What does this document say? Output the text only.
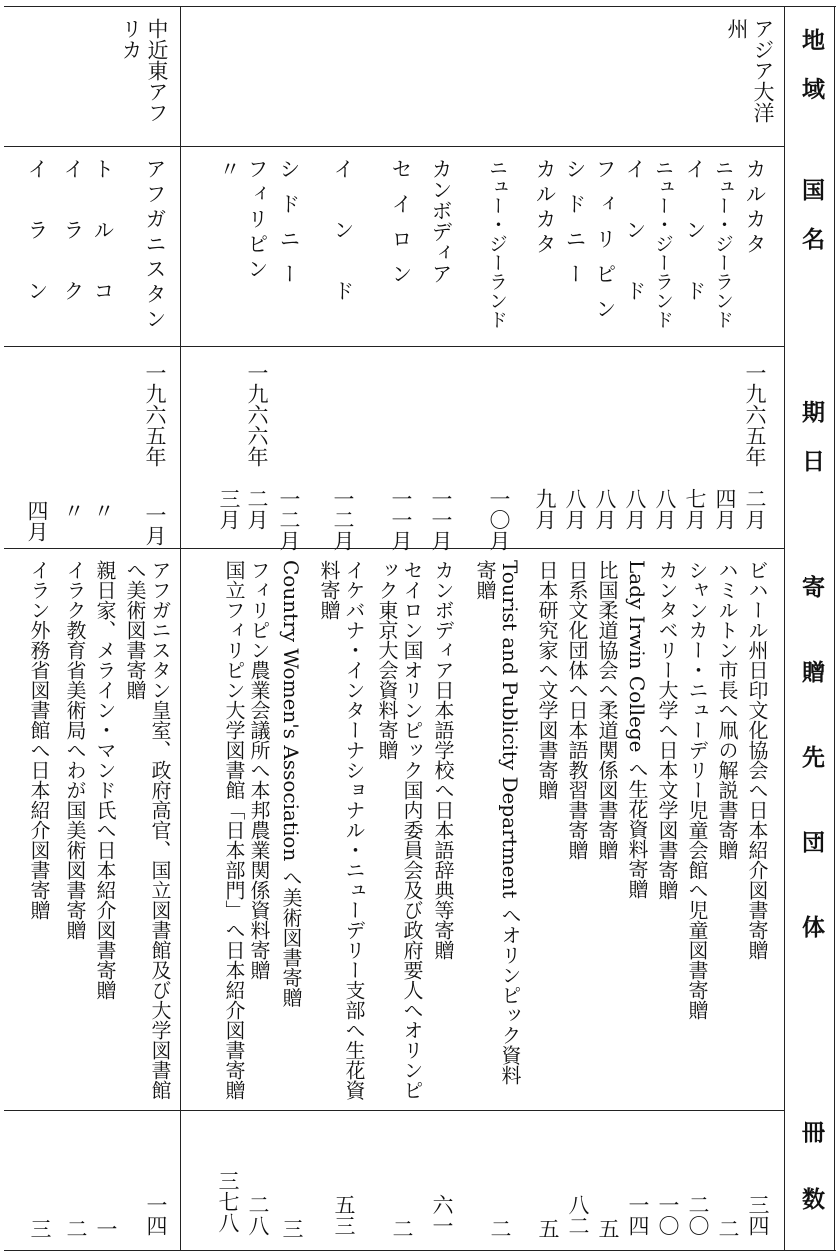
地域
国名
期日
寄贈先団体
冊数
アジア大洋州
中近東アフリカ
一九六五年
一九六六年
一九六五年
カルカタ
二月
ビハール州日印文化協会へ日本紹介図書寄贈
三四
ニュー・ジーランド
四月
ハミルトン市長へ凧の解説書寄贈
二
インド
七月
シャンカー・ニューデリー児童会館へ児童図書寄贈
二〇
ニュー・ジーランド
八月
カンタベリー大学へ日本文学図書寄贈
一〇
インド
八月
Lady Irwin College へ生花資料寄贈
一四
フィリピン
八月
比国柔道協会へ柔道関係図書寄贈
五
シドニー
八月
日系文化団体へ日本語教習書寄贈
八二
カルカタ
九月
日本研究家へ文学図書寄贈
五
ニュー・ジーランド
一〇月
Tourist and Publicity Department へオリンピック資料寄贈
二
カンボディア
一一月
カンボディア日本語学校へ日本語辞典等寄贈
六一
セイロン
一一月
セイロン国オリンピック国内委員会及び政府要人へオリンピック東京大会資料寄贈
二
インド
一二月
イケバナ・インターナショナル・ニューデリー支部へ生花資料寄贈
五三
シドニー
一二月
Country Women's Association へ美術図書寄贈
三
フィリピン
二月
フィリピン農業会議所へ本邦農業関係資料寄贈
二八
〃
三月
国立フィリピン大学図書館「日本部門」へ日本紹介図書寄贈
三七八
アフガニスタン
一月
アフガニスタン皇室、政府高官、国立図書館及び大学図書館へ美術図書寄贈
一四
トルコ
〃
親日家、メライン・マンド氏へ日本紹介図書寄贈
一
イラク
〃
イラク教育省美術局へわが国美術図書寄贈
二
イラン
四月
イラン外務省図書館へ日本紹介図書寄贈
三
